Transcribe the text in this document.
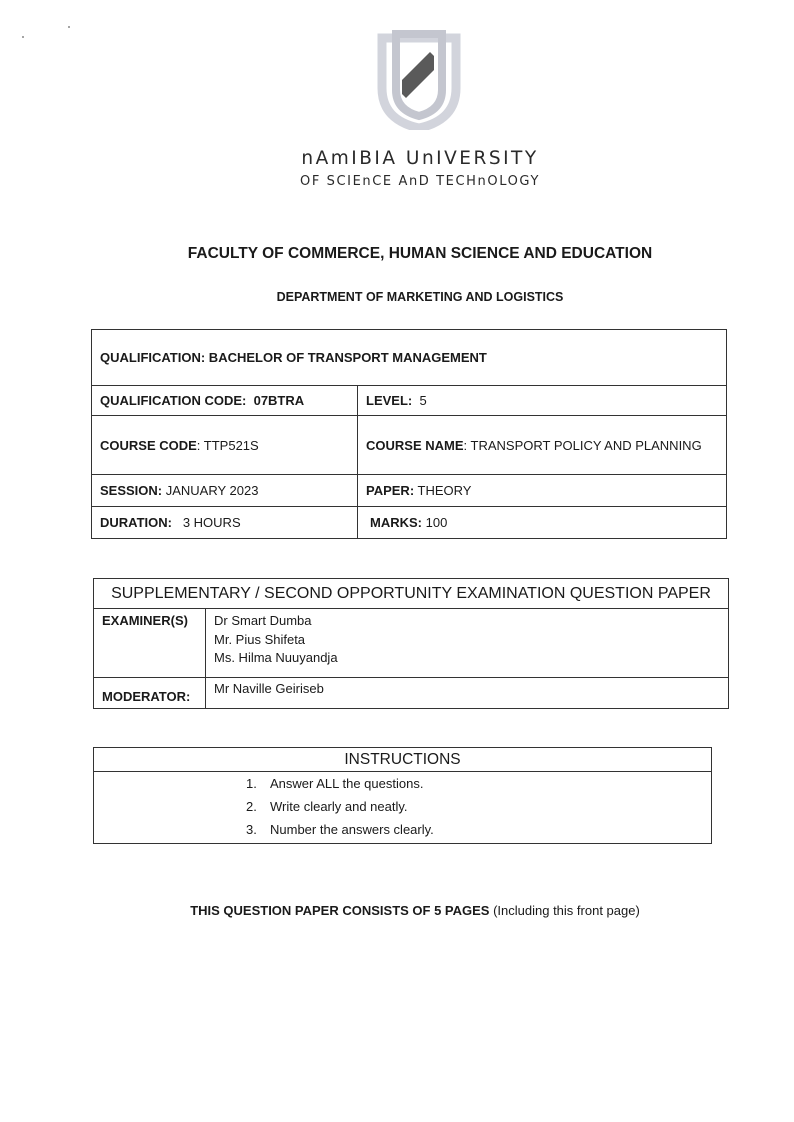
nAmIBIA UnIVERSITY
OF SCIEnCE AnD TECHnOLOGY
FACULTY OF COMMERCE, HUMAN SCIENCE AND EDUCATION
DEPARTMENT OF MARKETING AND LOGISTICS
QUALIFICATION: BACHELOR OF TRANSPORT MANAGEMENT	
QUALIFICATION CODE:  07BTRA	LEVEL:  5
COURSE CODE: TTP521S	COURSE NAME: TRANSPORT POLICY AND PLANNING
SESSION: JANUARY 2023	PAPER: THEORY
DURATION:   3 HOURS	MARKS: 100
SUPPLEMENTARY / SECOND OPPORTUNITY EXAMINATION QUESTION PAPER	
EXAMINER(S)	Dr Smart Dumba
Mr. Pius Shifeta
Ms. Hilma Nuuyandja

MODERATOR:	Mr Naville Geiriseb
INSTRUCTIONS

1.	Answer ALL the questions.
2.	Write clearly and neatly.
3.	Number the answers clearly.
THIS QUESTION PAPER CONSISTS OF 5 PAGES (Including this front page)
